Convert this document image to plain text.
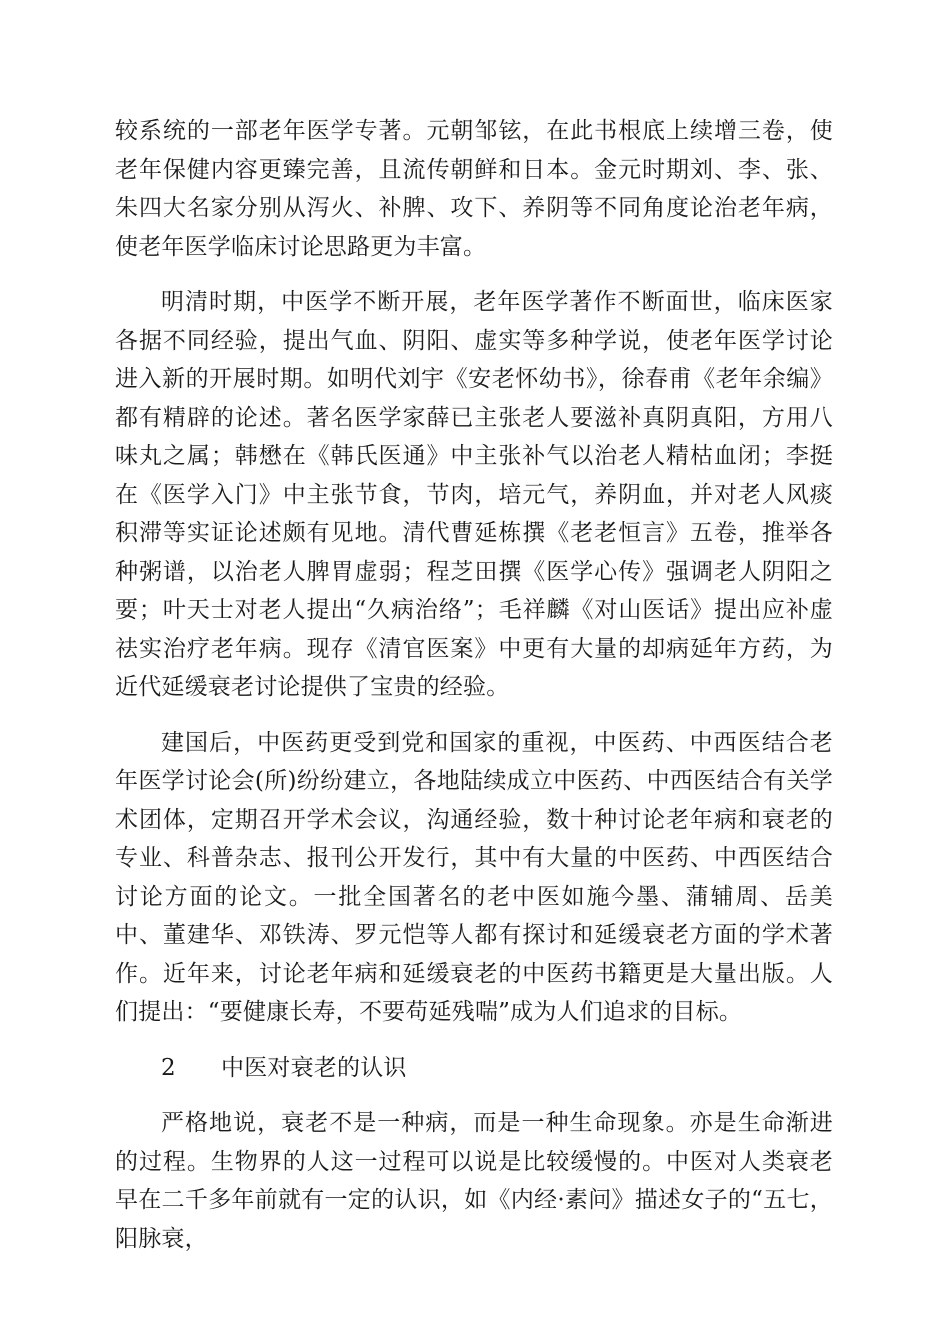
较系统的一部老年医学专著。元朝邹铉，在此书根底上续增三卷，使老年保健内容更臻完善，且流传朝鲜和日本。金元时期刘、李、张、朱四大名家分别从泻火、补脾、攻下、养阴等不同角度论治老年病，使老年医学临床讨论思路更为丰富。

明清时期，中医学不断开展，老年医学著作不断面世，临床医家各据不同经验，提出气血、阴阳、虚实等多种学说，使老年医学讨论进入新的开展时期。如明代刘宇《安老怀幼书》，徐春甫《老年余编》都有精辟的论述。著名医学家薛已主张老人要滋补真阴真阳，方用八味丸之属；韩懋在《韩氏医通》中主张补气以治老人精枯血闭；李挺在《医学入门》中主张节食，节肉，培元气，养阴血，并对老人风痰积滞等实证论述颇有见地。清代曹延栋撰《老老恒言》五卷，推举各种粥谱，以治老人脾胃虚弱；程芝田撰《医学心传》强调老人阴阳之要；叶天士对老人提出“久病治络”；毛祥麟《对山医话》提出应补虚祛实治疗老年病。现存《清官医案》中更有大量的却病延年方药，为近代延缓衰老讨论提供了宝贵的经验。

建国后，中医药更受到党和国家的重视，中医药、中西医结合老年医学讨论会(所)纷纷建立，各地陆续成立中医药、中西医结合有关学术团体，定期召开学术会议，沟通经验，数十种讨论老年病和衰老的专业、科普杂志、报刊公开发行，其中有大量的中医药、中西医结合讨论方面的论文。一批全国著名的老中医如施今墨、蒲辅周、岳美中、董建华、邓铁涛、罗元恺等人都有探讨和延缓衰老方面的学术著作。近年来，讨论老年病和延缓衰老的中医药书籍更是大量出版。人们提出：“要健康长寿，不要苟延残喘”成为人们追求的目标。

2 中医对衰老的认识

严格地说，衰老不是一种病，而是一种生命现象。亦是生命渐进的过程。生物界的人这一过程可以说是比较缓慢的。中医对人类衰老早在二千多年前就有一定的认识，如《内经·素问》描述女子的“五七，阳脉衰，
